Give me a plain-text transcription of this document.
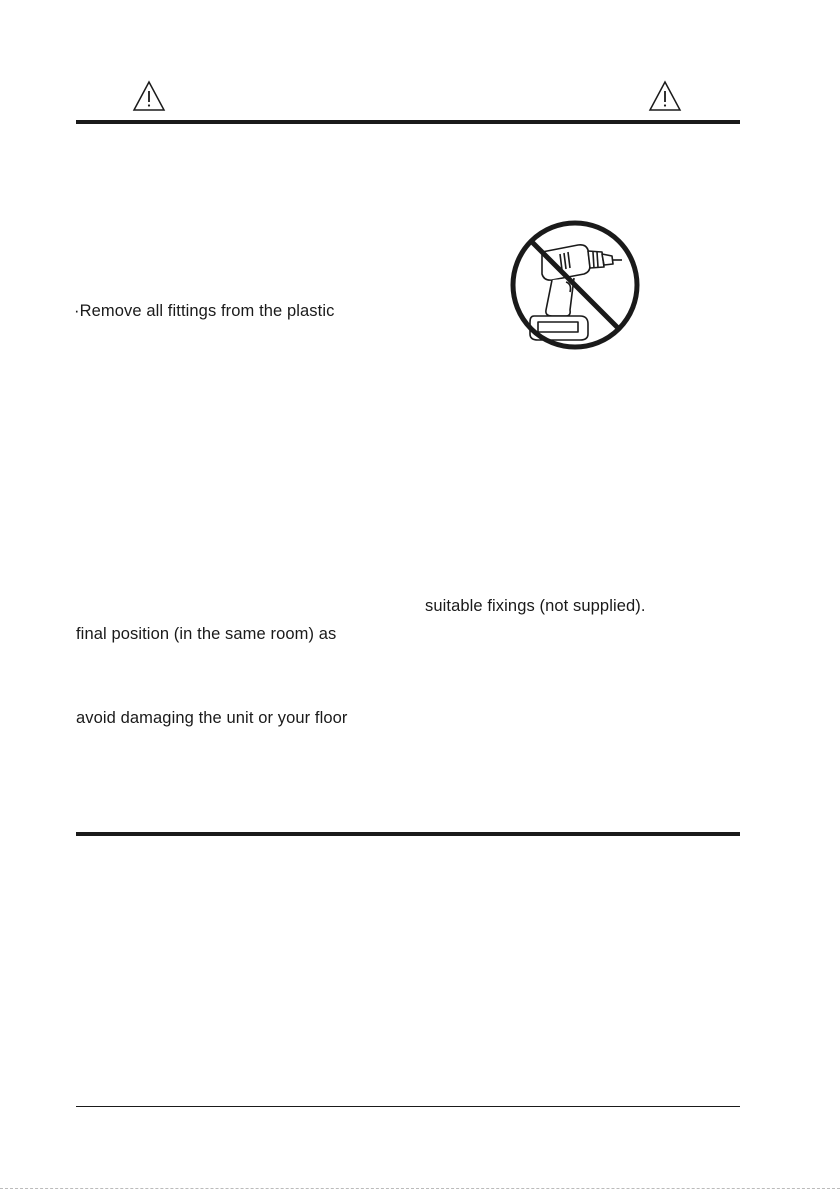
·Remove all fittings from the plastic
suitable fixings (not supplied).
final position (in the same room) as
avoid damaging the unit or your floor
